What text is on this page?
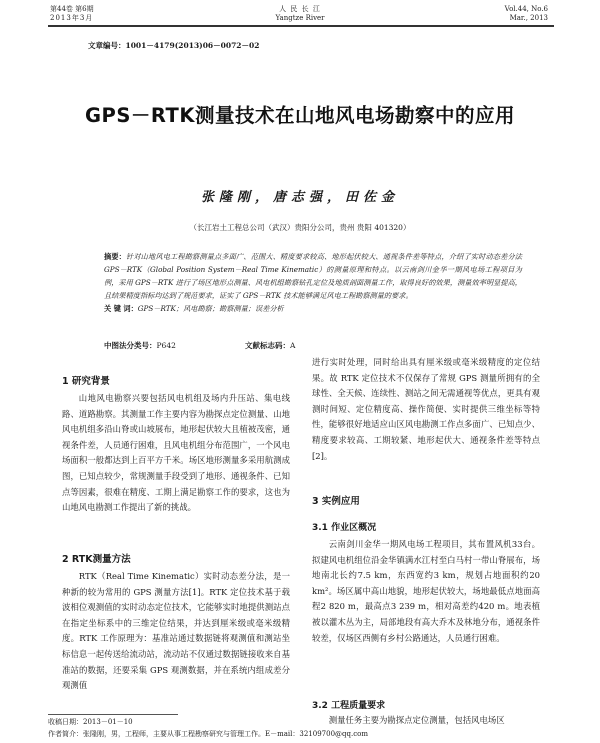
第44卷 第6期
2013年3月
人 民 长 江
Yangtze River
Vol.44, No.6
Mar., 2013
文章编号：1001－4179(2013)06－0072－02
GPS－RTK测量技术在山地风电场勘察中的应用
张隆刚，唐志强，田佐金
（长江岩土工程总公司（武汉）贵阳分公司，贵州 贵阳 401320）
摘要：针对山地风电工程勘察测量点多面广、范围大、精度要求较高、地形起伏较大、通视条件差等特点，介绍了实时动态差分法 GPS－RTK（Global Position System－Real Time Kinematic）的测量原理和特点。以云南剑川金华一期风电场工程项目为例，采用 GPS－RTK 进行了场区地形点测量、风电机组勘察钻孔定位及地质剖面测量工作，取得良好的效果，测量效率明显提高，且结果精度指标均达到了规范要求，证实了 GPS－RTK 技术能够满足风电工程勘察测量的要求。
关 键 词：GPS－RTK；风电勘察；勘察测量；误差分析
中图法分类号：P642	文献标志码：A
1 研究背景
山地风电勘察兴要包括风电机组及场内升压站、集电线路、道路勘察。其测量工作主要内容为勘探点定位测量、山地风电机组多沿山脊或山坡展布，地形起伏较大且植被茂密，通视条件差，人员通行困难，且风电机组分布范围广，一个风电场面积一般都达到上百平方千米。场区地形测量多采用航测成图，已知点较少，常规测量手段受到了地形、通视条件、已知点等因素，很难在精度、工期上满足勘察工作的要求，这也为山地风电勘测工作提出了新的挑战。
2 RTK测量方法
RTK（Real Time Kinematic）实时动态差分法，是一种新的较为常用的 GPS 测量方法[1]。RTK 定位技术基于载波相位观测值的实时动态定位技术，它能够实时地提供测站点在指定坐标系中的三维定位结果，并达到厘米级或毫米级精度。RTK 工作原理为：基准站通过数据链将观测值和测站坐标信息一起传送给流动站，流动站不仅通过数据链接收来自基准站的数据，还要采集 GPS 观测数据，并在系统内组成差分观测值
进行实时处理，同时给出具有厘米级或毫米级精度的定位结果。故 RTK 定位技术不仅保存了常规 GPS 测量所拥有的全球性、全天候、连续性、测站之间无需通视等优点，更具有观测时间短、定位精度高、操作简便、实时提供三维坐标等特性，能够很好地适应山区风电勘测工作点多面广、已知点少、精度要求较高、工期较紧、地形起伏大、通视条件差等特点[2]。
3 实例应用
3.1 作业区概况
云南剑川金华一期风电场工程项目，其布置风机33台。拟建风电机组位沿金华镇满水江村至白马村一带山脊展布，场地南北长约7.5 km，东西宽约3 km，规划占地面积约20 km²。场区属中高山地貌，地形起伏较大，场地最低点地面高程2 820 m，最高点3 239 m，相对高差约420 m。地表植被以灌木丛为主，局部地段有高大乔木及林地分布，通视条件较差，仅场区西侧有乡村公路通达，人员通行困难。
3.2 工程质量要求
测量任务主要为勘探点定位测量，包括风电场区
收稿日期：2013－01－10
作者简介：张隆刚，男，工程师，主要从事工程勘察研究与管理工作。E－mail：32109700@qq.com
